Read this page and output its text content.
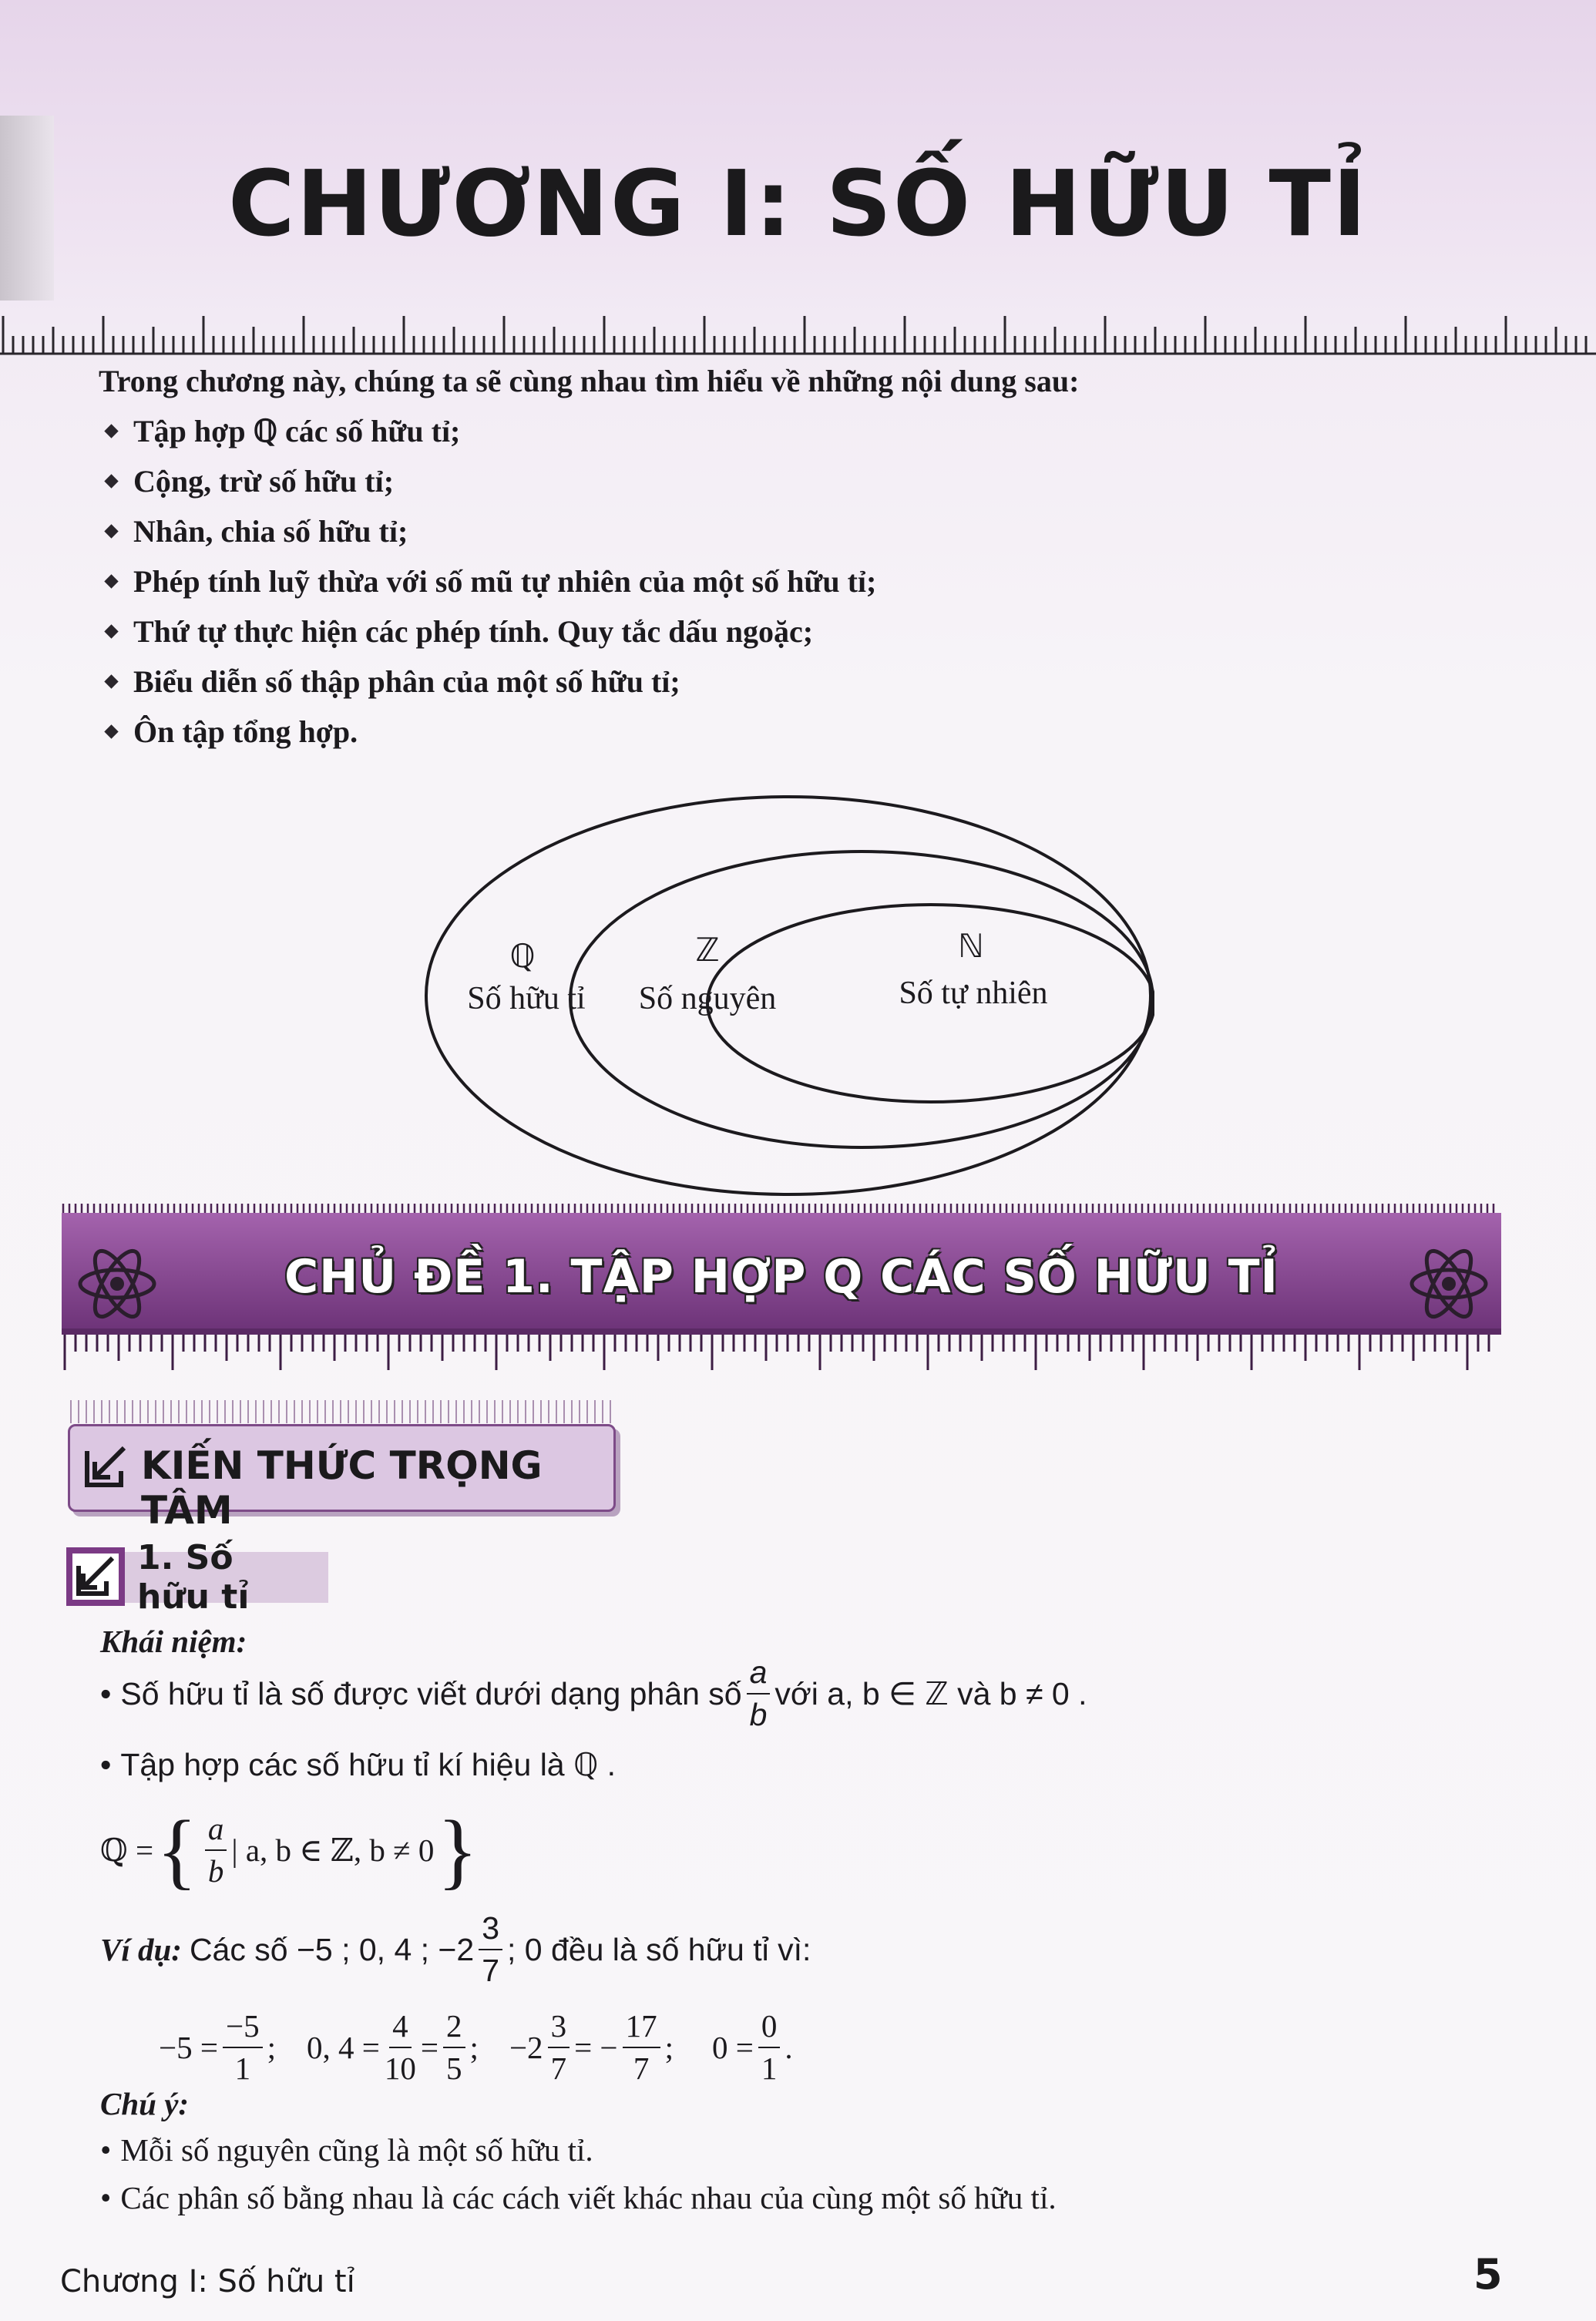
CHƯƠNG I: SỐ HỮU TỈ

Trong chương này, chúng ta sẽ cùng nhau tìm hiểu về những nội dung sau:

Tập hợp ℚ các số hữu tỉ;
Cộng, trừ số hữu tỉ;
Nhân, chia số hữu tỉ;
Phép tính luỹ thừa với số mũ tự nhiên của một số hữu tỉ;
Thứ tự thực hiện các phép tính. Quy tắc dấu ngoặc;
Biểu diễn số thập phân của một số hữu tỉ;
Ôn tập tổng hợp.
ℚ
Số hữu tỉ
ℤ
Số nguyên
ℕ
Số tự nhiên
CHỦ ĐỀ 1. TẬP HỢP Q CÁC SỐ HỮU TỈ
KIẾN THỨC TRỌNG TÂM
1. Số hữu tỉ
Khái niệm:
• Số hữu tỉ là số được viết dưới dạng phân số $\frac{a}{b}$ với a, b ∈ ℤ và b ≠ 0 .
• Tập hợp các số hữu tỉ kí hiệu là ℚ .
ℚ = { $\frac{a}{b}$ | a, b ∈ ℤ, b ≠ 0 }
Ví dụ: Các số −5 ; 0, 4 ; $-2 \frac{3}{7}$ ; 0 đều là số hữu tỉ vì:
$-5 = \frac{-5}{1}$ ; 0, $4 = \frac{4}{10} = \frac{2}{5}$ ; $-2 \frac{3}{7}$ = − $\frac{17}{7}$ ; $0 = \frac{0}{1}$ .
Chú ý:
• Mỗi số nguyên cũng là một số hữu tỉ.
• Các phân số bằng nhau là các cách viết khác nhau của cùng một số hữu tỉ.
Chương I: Số hữu tỉ	5
